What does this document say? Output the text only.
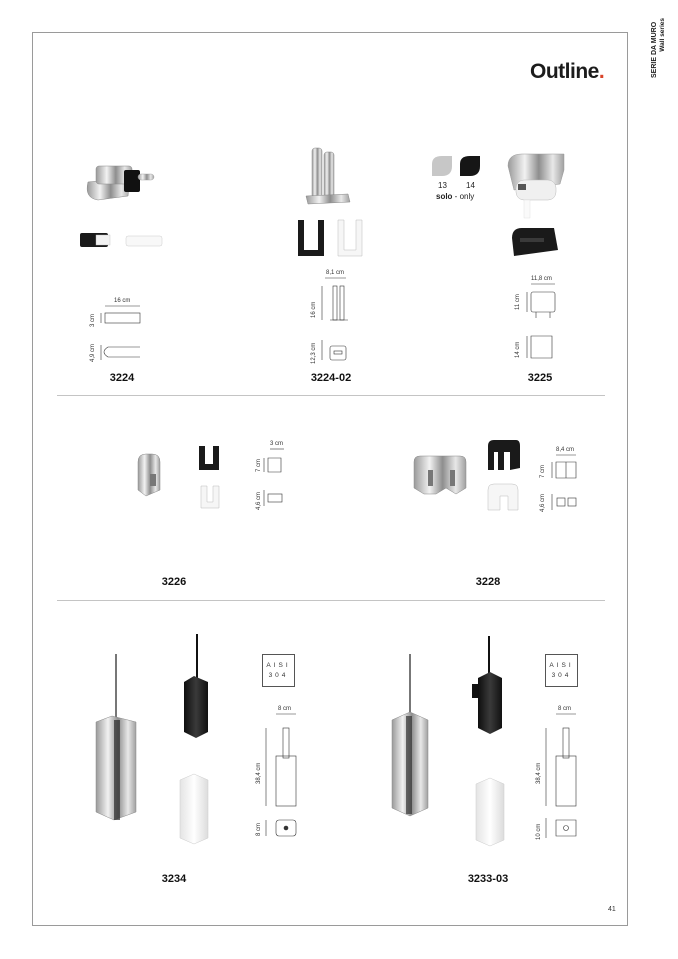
SERIE DA MURO Wall series
Outline.
13 14
solo - only
16 cm
3 cm
4,9 cm
8,1 cm
16 cm
12,3 cm
11,8 cm
11 cm
14 cm
3 cm
7 cm
4,6 cm
8,4 cm
7 cm
4,6 cm
8 cm
38,4 cm
8 cm
8 cm
38,4 cm
10 cm
AISI
304
AISI
304
3224	3224-02	3225
3226	3228
3234	3233-03
41
